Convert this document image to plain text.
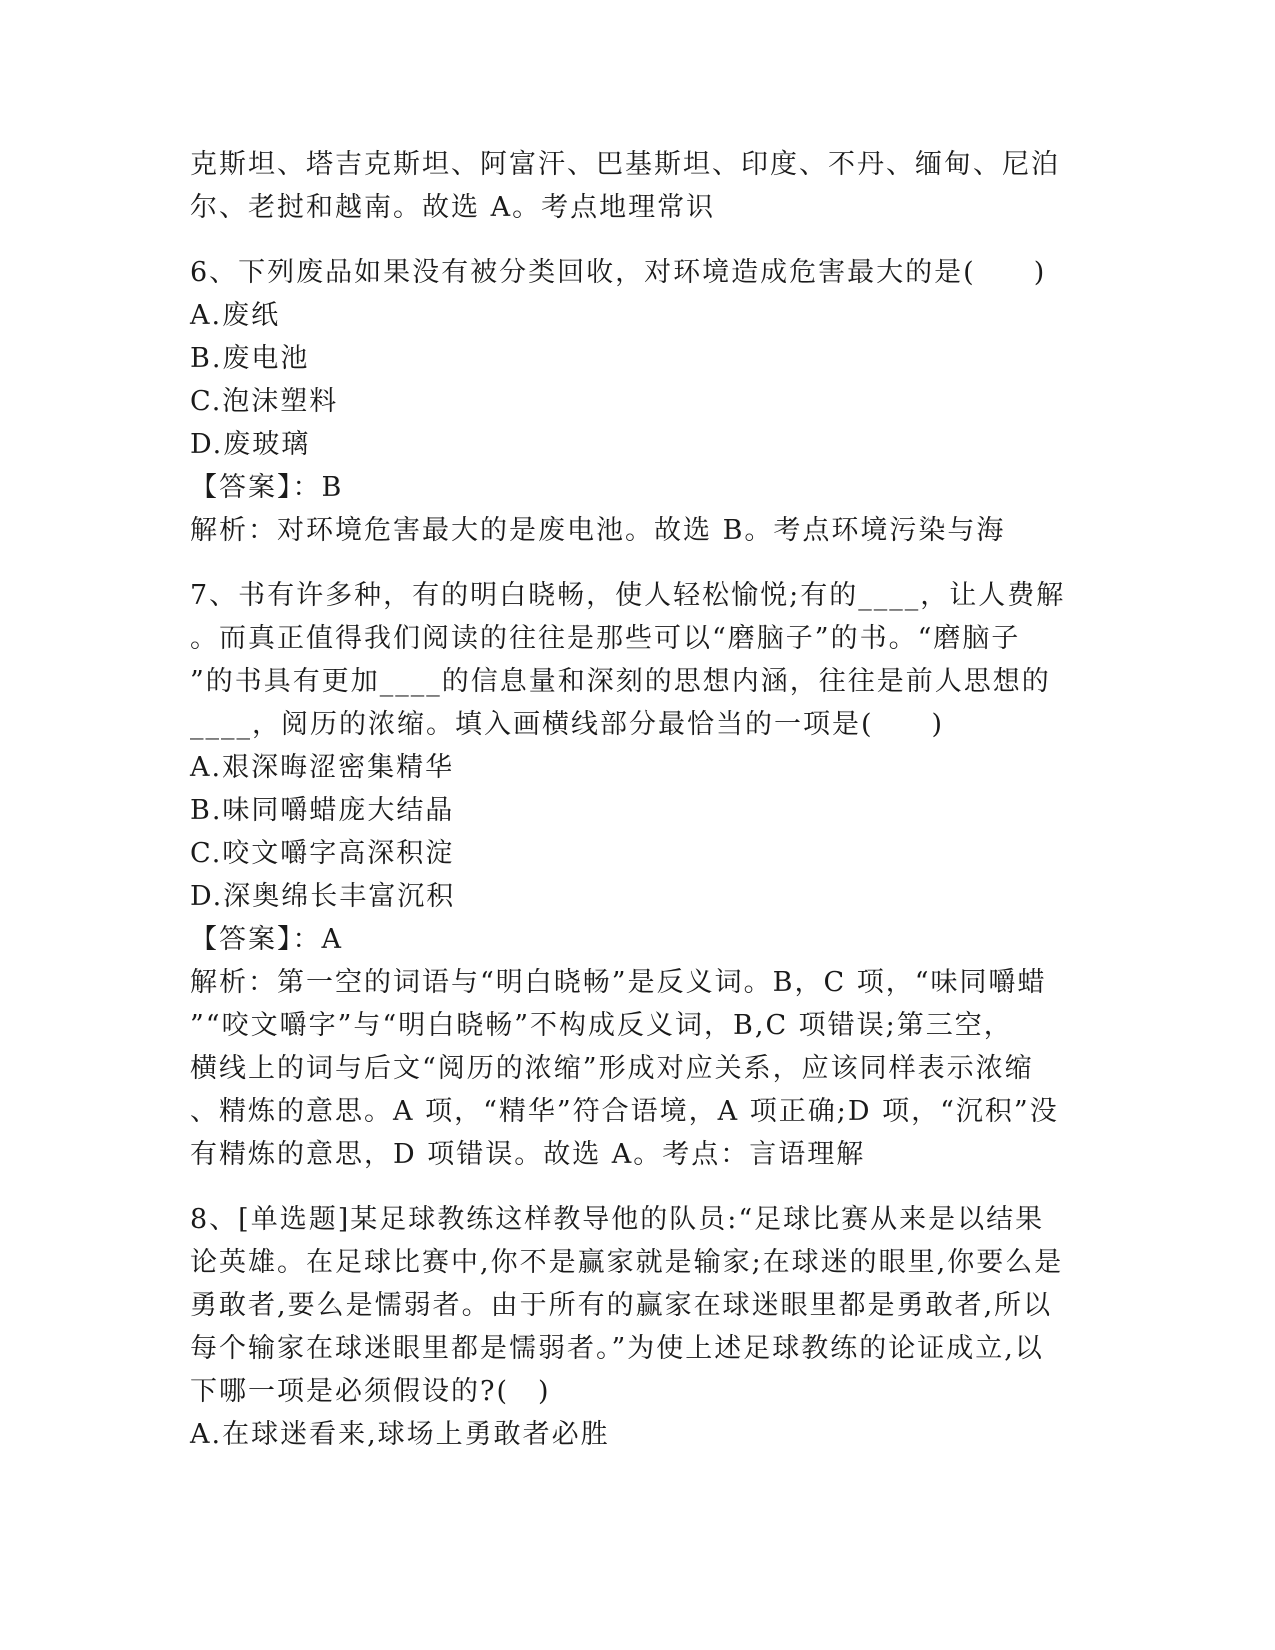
克斯坦、塔吉克斯坦、阿富汗、巴基斯坦、印度、不丹、缅甸、尼泊
尔、老挝和越南。故选 A。考点地理常识
6、下列废品如果没有被分类回收，对环境造成危害最大的是(　　)
A.废纸
B.废电池
C.泡沫塑料
D.废玻璃
【答案】：B
解析：对环境危害最大的是废电池。故选 B。考点环境污染与海
7、书有许多种，有的明白晓畅，使人轻松愉悦;有的____，让人费解
。而真正值得我们阅读的往往是那些可以“磨脑子”的书。“磨脑子
”的书具有更加____的信息量和深刻的思想内涵，往往是前人思想的
____，阅历的浓缩。填入画横线部分最恰当的一项是(　　)
A.艰深晦涩密集精华
B.味同嚼蜡庞大结晶
C.咬文嚼字高深积淀
D.深奥绵长丰富沉积
【答案】：A
解析：第一空的词语与“明白晓畅”是反义词。B，C 项，“味同嚼蜡
”“咬文嚼字”与“明白晓畅”不构成反义词，B,C 项错误;第三空，
横线上的词与后文“阅历的浓缩”形成对应关系，应该同样表示浓缩
、精炼的意思。A 项，“精华”符合语境，A 项正确;D 项，“沉积”没
有精炼的意思，D 项错误。故选 A。考点：言语理解
8、[单选题]某足球教练这样教导他的队员:“足球比赛从来是以结果
论英雄。在足球比赛中,你不是赢家就是输家;在球迷的眼里,你要么是
勇敢者,要么是懦弱者。由于所有的赢家在球迷眼里都是勇敢者,所以
每个输家在球迷眼里都是懦弱者。”为使上述足球教练的论证成立,以
下哪一项是必须假设的?(　)
A.在球迷看来,球场上勇敢者必胜
